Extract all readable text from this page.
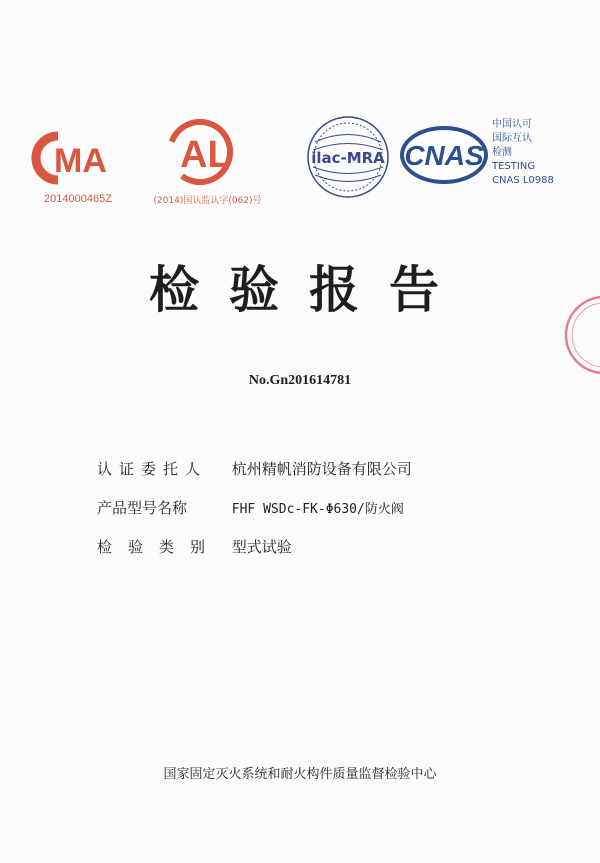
MA
2014000465Z
AL
(2014)国认监认字(062)号
ilac-MRA CNAS
中国认可
国际互认
检测
TESTING
CNAS L0988
检验报告
No.Gn201614781
认证委托人 杭州精帆消防设备有限公司
产品型号名称	FHF WSDc-FK-Φ630/防火阀
检验类别 型式试验
国家固定灭火系统和耐火构件质量监督检验中心
